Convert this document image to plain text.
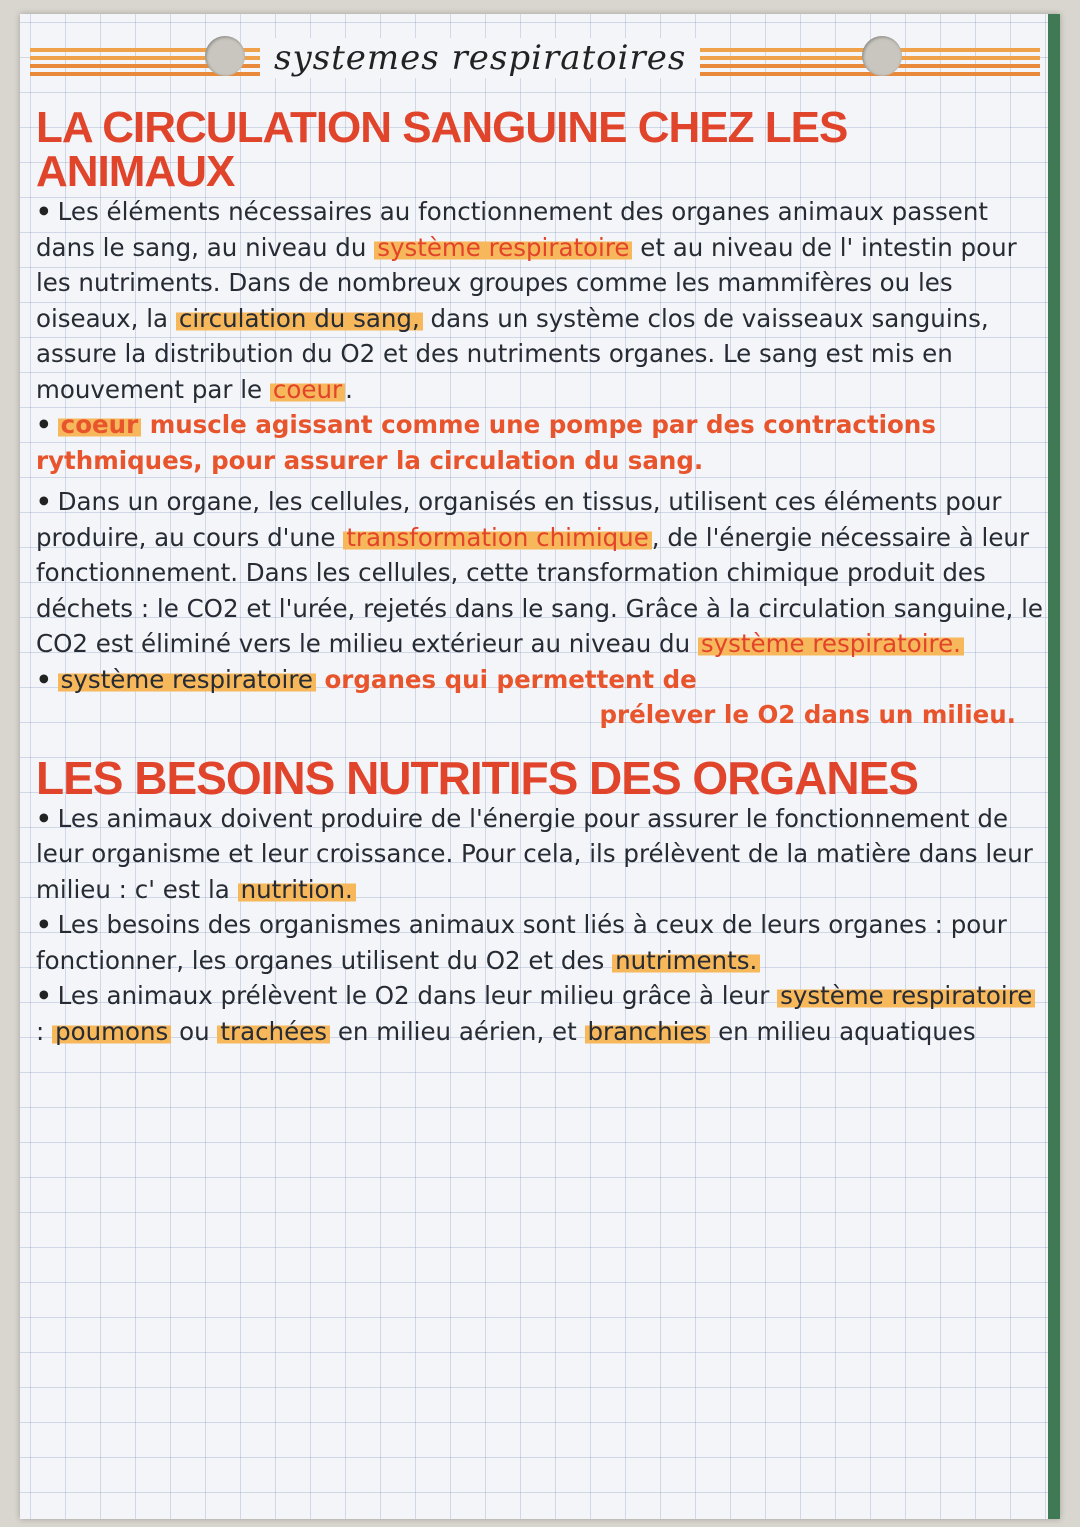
systemes respiratoires
LA CIRCULATION SANGUINE CHEZ LES ANIMAUX

• Les éléments nécessaires au fonctionnement des organes animaux passent dans le sang, au niveau du système respiratoire et au niveau de l' intestin pour les nutriments. Dans de nombreux groupes comme les mammifères ou les oiseaux, la circulation du sang, dans un système clos de vaisseaux sanguins, assure la distribution du O2 et des nutriments organes. Le sang est mis en mouvement par le coeur .

• coeur muscle agissant comme une pompe par des contractions rythmiques, pour assurer la circulation du sang.

• Dans un organe, les cellules, organisés en tissus, utilisent ces éléments pour produire, au cours d'une transformation chimique , de l'énergie nécessaire à leur fonctionnement. Dans les cellules, cette transformation chimique produit des déchets : le CO2 et l'urée, rejetés dans le sang. Grâce à la circulation sanguine, le CO2 est éliminé vers le milieu extérieur au niveau du système respiratoire.

• système respiratoire organes qui permettent de

prélever le O2 dans un milieu.

LES BESOINS NUTRITIFS DES ORGANES

• Les animaux doivent produire de l'énergie pour assurer le fonctionnement de leur organisme et leur croissance. Pour cela, ils prélèvent de la matière dans leur milieu : c' est la nutrition.

• Les besoins des organismes animaux sont liés à ceux de leurs organes : pour fonctionner, les organes utilisent du O2 et des nutriments.

• Les animaux prélèvent le O2 dans leur milieu grâce à leur système respiratoire : poumons ou trachées en milieu aérien, et branchies en milieu aquatiques
